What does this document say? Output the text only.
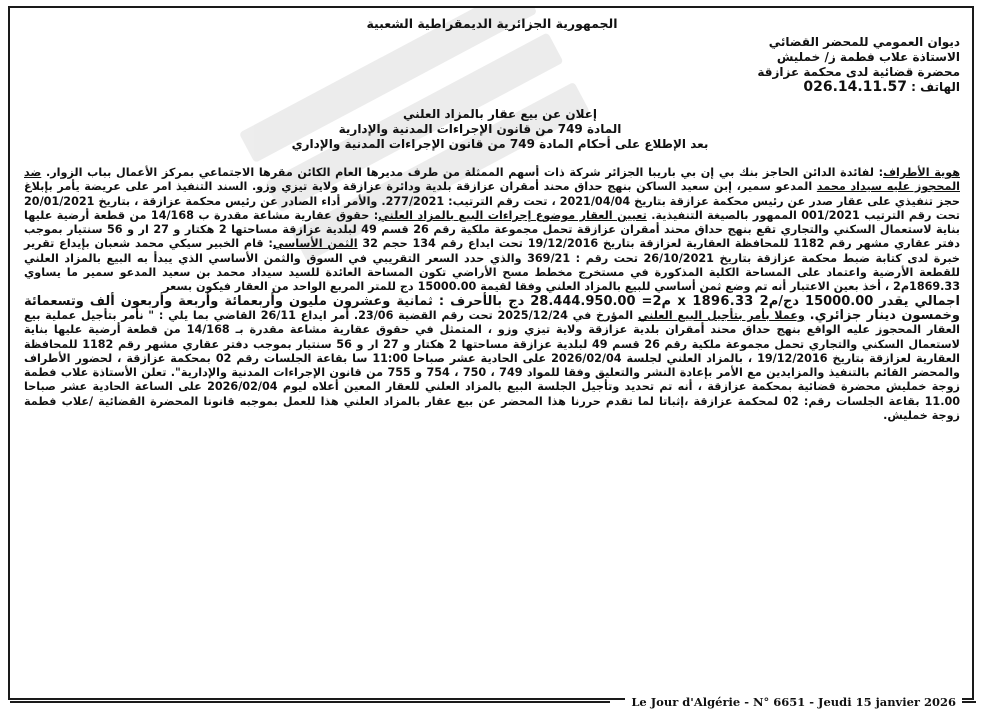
الجمهورية الجزائرية الديمقراطية الشعبية
ديوان العمومي للمحضر القضائي
الاستاذة علاب فطمة ز/ خمليش
محضرة قضائية لدى محكمة عزازقة
الهاتف : 026.14.11.57
إعلان عن بيع عقار بالمزاد العلني
المادة 749 من قانون الإجراءات المدنية والإدارية
بعد الإطلاع على أحكام المادة 749 من قانون الإجراءات المدنية والإداري

هوية الأطراف: لفائدة الدائن الحاجز بنك بي إن بي باريبا الجزائر شركة ذات أسهم الممثلة من طرف مديرها العام الكائن مقرها الاجتماعي بمركز الأعمال بباب الزوار. ضد المحجوز عليه سيداد محمد المدعو سمير، إبن سعيد الساكن بنهج حداق محند أمقران عزازقة بلدية ودائرة عزازقة ولاية تيزي وزو. السند التنفيذ امر على عريضة يأمر بإبلاغ حجز تنفيذي على عقار صدر عن رئيس محكمة عزازقة بتاريخ 2021/04/04 ، تحت رقم الترتيب: 277/2021. والأمر أداء الصادر عن رئيس محكمة عزازقة ، بتاريخ 20/01/2021 تحت رقم الترتيب 001/2021 الممهور بالصيغة التنفيذية. تعيين العقار موضوع إجراءات البيع بالمزاد العلني: حقوق عقارية مشاعة مقدرة ب 14/168 من قطعة أرضية عليها بناية لاستعمال السكني والتجاري تقع بنهج حداق محند أمقران عزازقة تحمل مجموعة ملكية رقم 26 قسم 49 لبلدية عزازقة مساحتها 2 هكتار و 27 ار و 56 سنتيار بموجب دفتر عقاري مشهر رقم 1182 للمحافظة العقارية لعزازقة بتاريخ 19/12/2016 تحت ايداع رقم 134 حجم 32 الثمن الأساسي: قام الخبير سيكي محمد شعبان بإيداع تقرير خبرة لدى كتابة ضبط محكمة عزازقة بتاريخ 26/10/2021 تحت رقم : 369/21 والذي حدد السعر التقريبي في السوق والثمن الأساسي الذي يبدأ به البيع بالمزاد العلني للقطعة الأرضية واعتماد على المساحة الكلية المذكورة في مستخرج مخطط مسح الأراضي تكون المساحة العائدة للسيد سيداد محمد بن سعيد المدعو سمير ما يساوي 1869.33م2 ، أخذ بعين الاعتبار أنه تم وضع ثمن أساسي للبيع بالمزاد العلني وفقا لقيمة 15000.00 دج للمتر المربع الواحد من العقار فيكون بسعر

اجمالي يقدر 15000.00 دج/م2 x 1896.33 م2= 28.444.950.00 دج بالأحرف : ثمانية وعشرون مليون وأربعمائة وأربعة وأربعون ألف وتسعمائة وخمسون دينار جزائري. وعملا بأمر بتأجيل البيع العلني المؤرخ في 2025/12/24 تحت رقم القضية 23/06. أمر ايداع 26/11 القاضي بما يلي : " نأمر بتأجيل عملية بيع العقار المحجوز عليه الواقع بنهج حداق محند أمقران بلدية عزازقة ولاية تيزي وزو ، المتمثل في حقوق عقارية مشاعة مقدرة بـ 14/168 من قطعة أرضية عليها بناية لاستعمال السكني والتجاري تحمل مجموعة ملكية رقم 26 قسم 49 لبلدية عزازقة مساحتها 2 هكتار و 27 ار و 56 سنتيار بموجب دفتر عقاري مشهر رقم 1182 للمحافظة العقارية لعزازقة بتاريخ 19/12/2016 ، بالمزاد العلني لجلسة 2026/02/04 على الحادية عشر صباحا 11:00 سا بقاعة الجلسات رقم 02 بمحكمة عزازقة ، لحضور الأطراف والمحضر القائم بالتنفيذ والمزايدين مع الأمر بإعادة النشر والتعليق وفقا للمواد 749 ، 750 ، 754 و 755 من قانون الإجراءات المدنية والإدارية". تعلن الأستاذة علاب فطمة زوجة خمليش محضرة قضائية بمحكمة عزازقة ، أنه تم تحديد وتأجيل الجلسة البيع بالمزاد العلني للعقار المعين أعلاه ليوم 2026/02/04 على الساعة الحادية عشر صباحا 11.00 بقاعة الجلسات رقم: 02 لمحكمة عزازقة ،إثباتا لما تقدم حررنا هذا المحضر عن بيع عقار بالمزاد العلني هذا للعمل بموجبه قانونا المحضرة القضائية /علاب فطمة زوجة خمليش.

Le Jour d'Algérie - N° 6651 - Jeudi 15 janvier 2026
